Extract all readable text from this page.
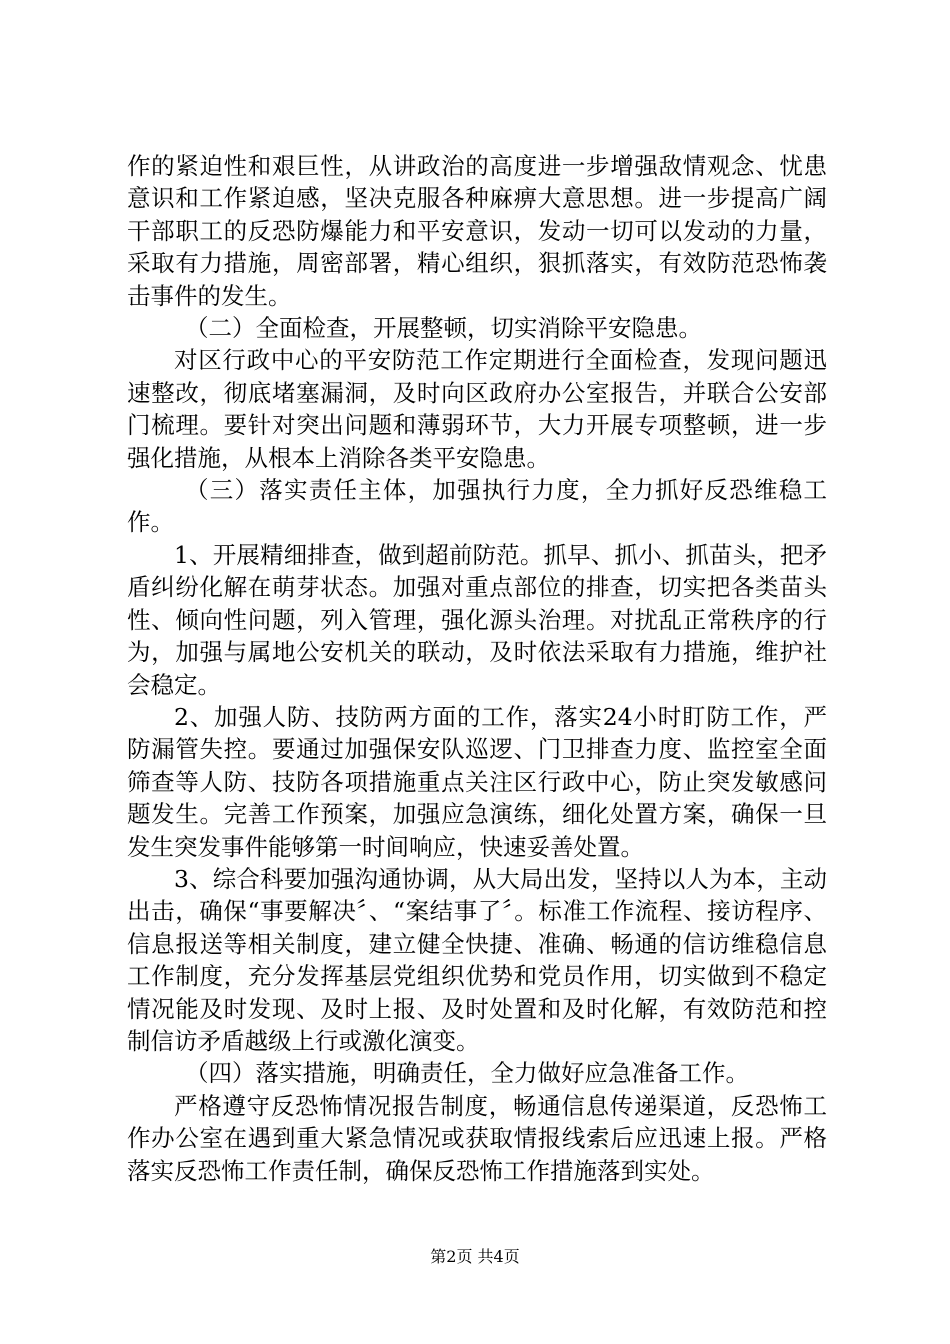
作的紧迫性和艰巨性，从讲政治的高度进一步增强敌情观念、忧患意识和工作紧迫感，坚决克服各种麻痹大意思想。进一步提高广阔干部职工的反恐防爆能力和平安意识，发动一切可以发动的力量，采取有力措施，周密部署，精心组织，狠抓落实，有效防范恐怖袭击事件的发生。

（二）全面检查，开展整顿，切实消除平安隐患。

对区行政中心的平安防范工作定期进行全面检查，发现问题迅速整改，彻底堵塞漏洞，及时向区政府办公室报告，并联合公安部门梳理。要针对突出问题和薄弱环节，大力开展专项整顿，进一步强化措施，从根本上消除各类平安隐患。

（三）落实责任主体，加强执行力度，全力抓好反恐维稳工作。

1、开展精细排查，做到超前防范。抓早、抓小、抓苗头，把矛盾纠纷化解在萌芽状态。加强对重点部位的排查，切实把各类苗头性、倾向性问题，列入管理，强化源头治理。对扰乱正常秩序的行为，加强与属地公安机关的联动，及时依法采取有力措施，维护社会稳定。

2、加强人防、技防两方面的工作，落实24小时盯防工作，严防漏管失控。要通过加强保安队巡逻、门卫排查力度、监控室全面筛查等人防、技防各项措施重点关注区行政中心，防止突发敏感问题发生。完善工作预案，加强应急演练，细化处置方案，确保一旦发生突发事件能够第一时间响应，快速妥善处置。

3、综合科要加强沟通协调，从大局出发，坚持以人为本，主动出击，确保“事要解决〞、“案结事了〞。标准工作流程、接访程序、信息报送等相关制度，建立健全快捷、准确、畅通的信访维稳信息工作制度，充分发挥基层党组织优势和党员作用，切实做到不稳定情况能及时发现、及时上报、及时处置和及时化解，有效防范和控制信访矛盾越级上行或激化演变。

（四）落实措施，明确责任，全力做好应急准备工作。

严格遵守反恐怖情况报告制度，畅通信息传递渠道，反恐怖工作办公室在遇到重大紧急情况或获取情报线索后应迅速上报。严格落实反恐怖工作责任制，确保反恐怖工作措施落到实处。

第2页 共4页
